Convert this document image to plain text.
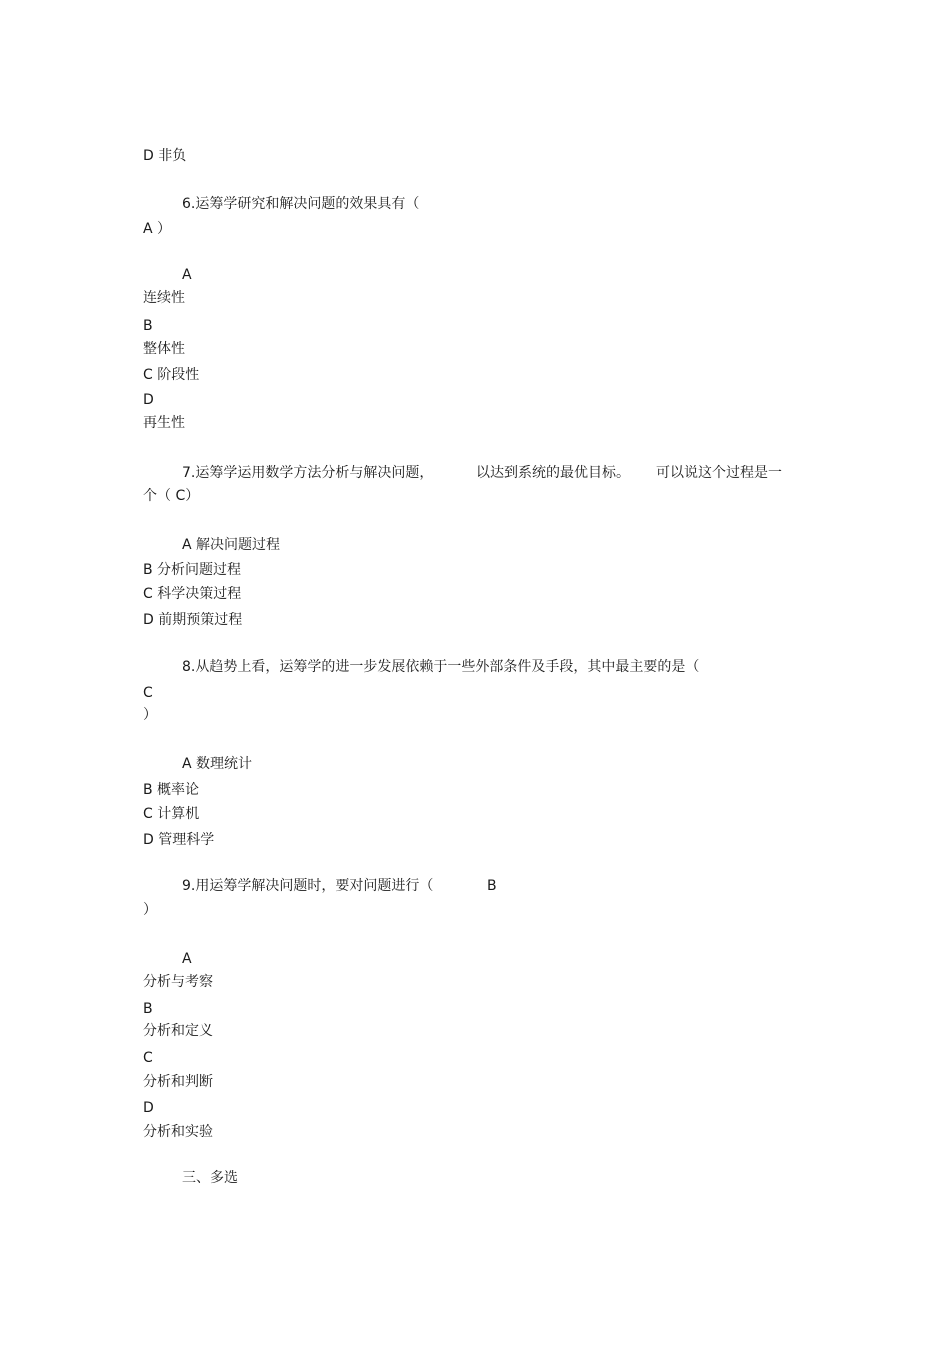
D 非负
6.运筹学研究和解决问题的效果具有（
A ）
A
连续性
B
整体性
C 阶段性
D
再生性
7.运筹学运用数学方法分析与解决问题，	以达到系统的最优目标。 可以说这个过程是一
个（ C）
A 解决问题过程
B 分析问题过程
C 科学决策过程
D 前期预策过程
8.从趋势上看，运筹学的进一步发展依赖于一些外部条件及手段，其中最主要的是（
C
）
A 数理统计
B 概率论
C 计算机
D 管理科学
9.用运筹学解决问题时，要对问题进行（	B
）
A
分析与考察
B
分析和定义
C
分析和判断
D
分析和实验
三、多选
